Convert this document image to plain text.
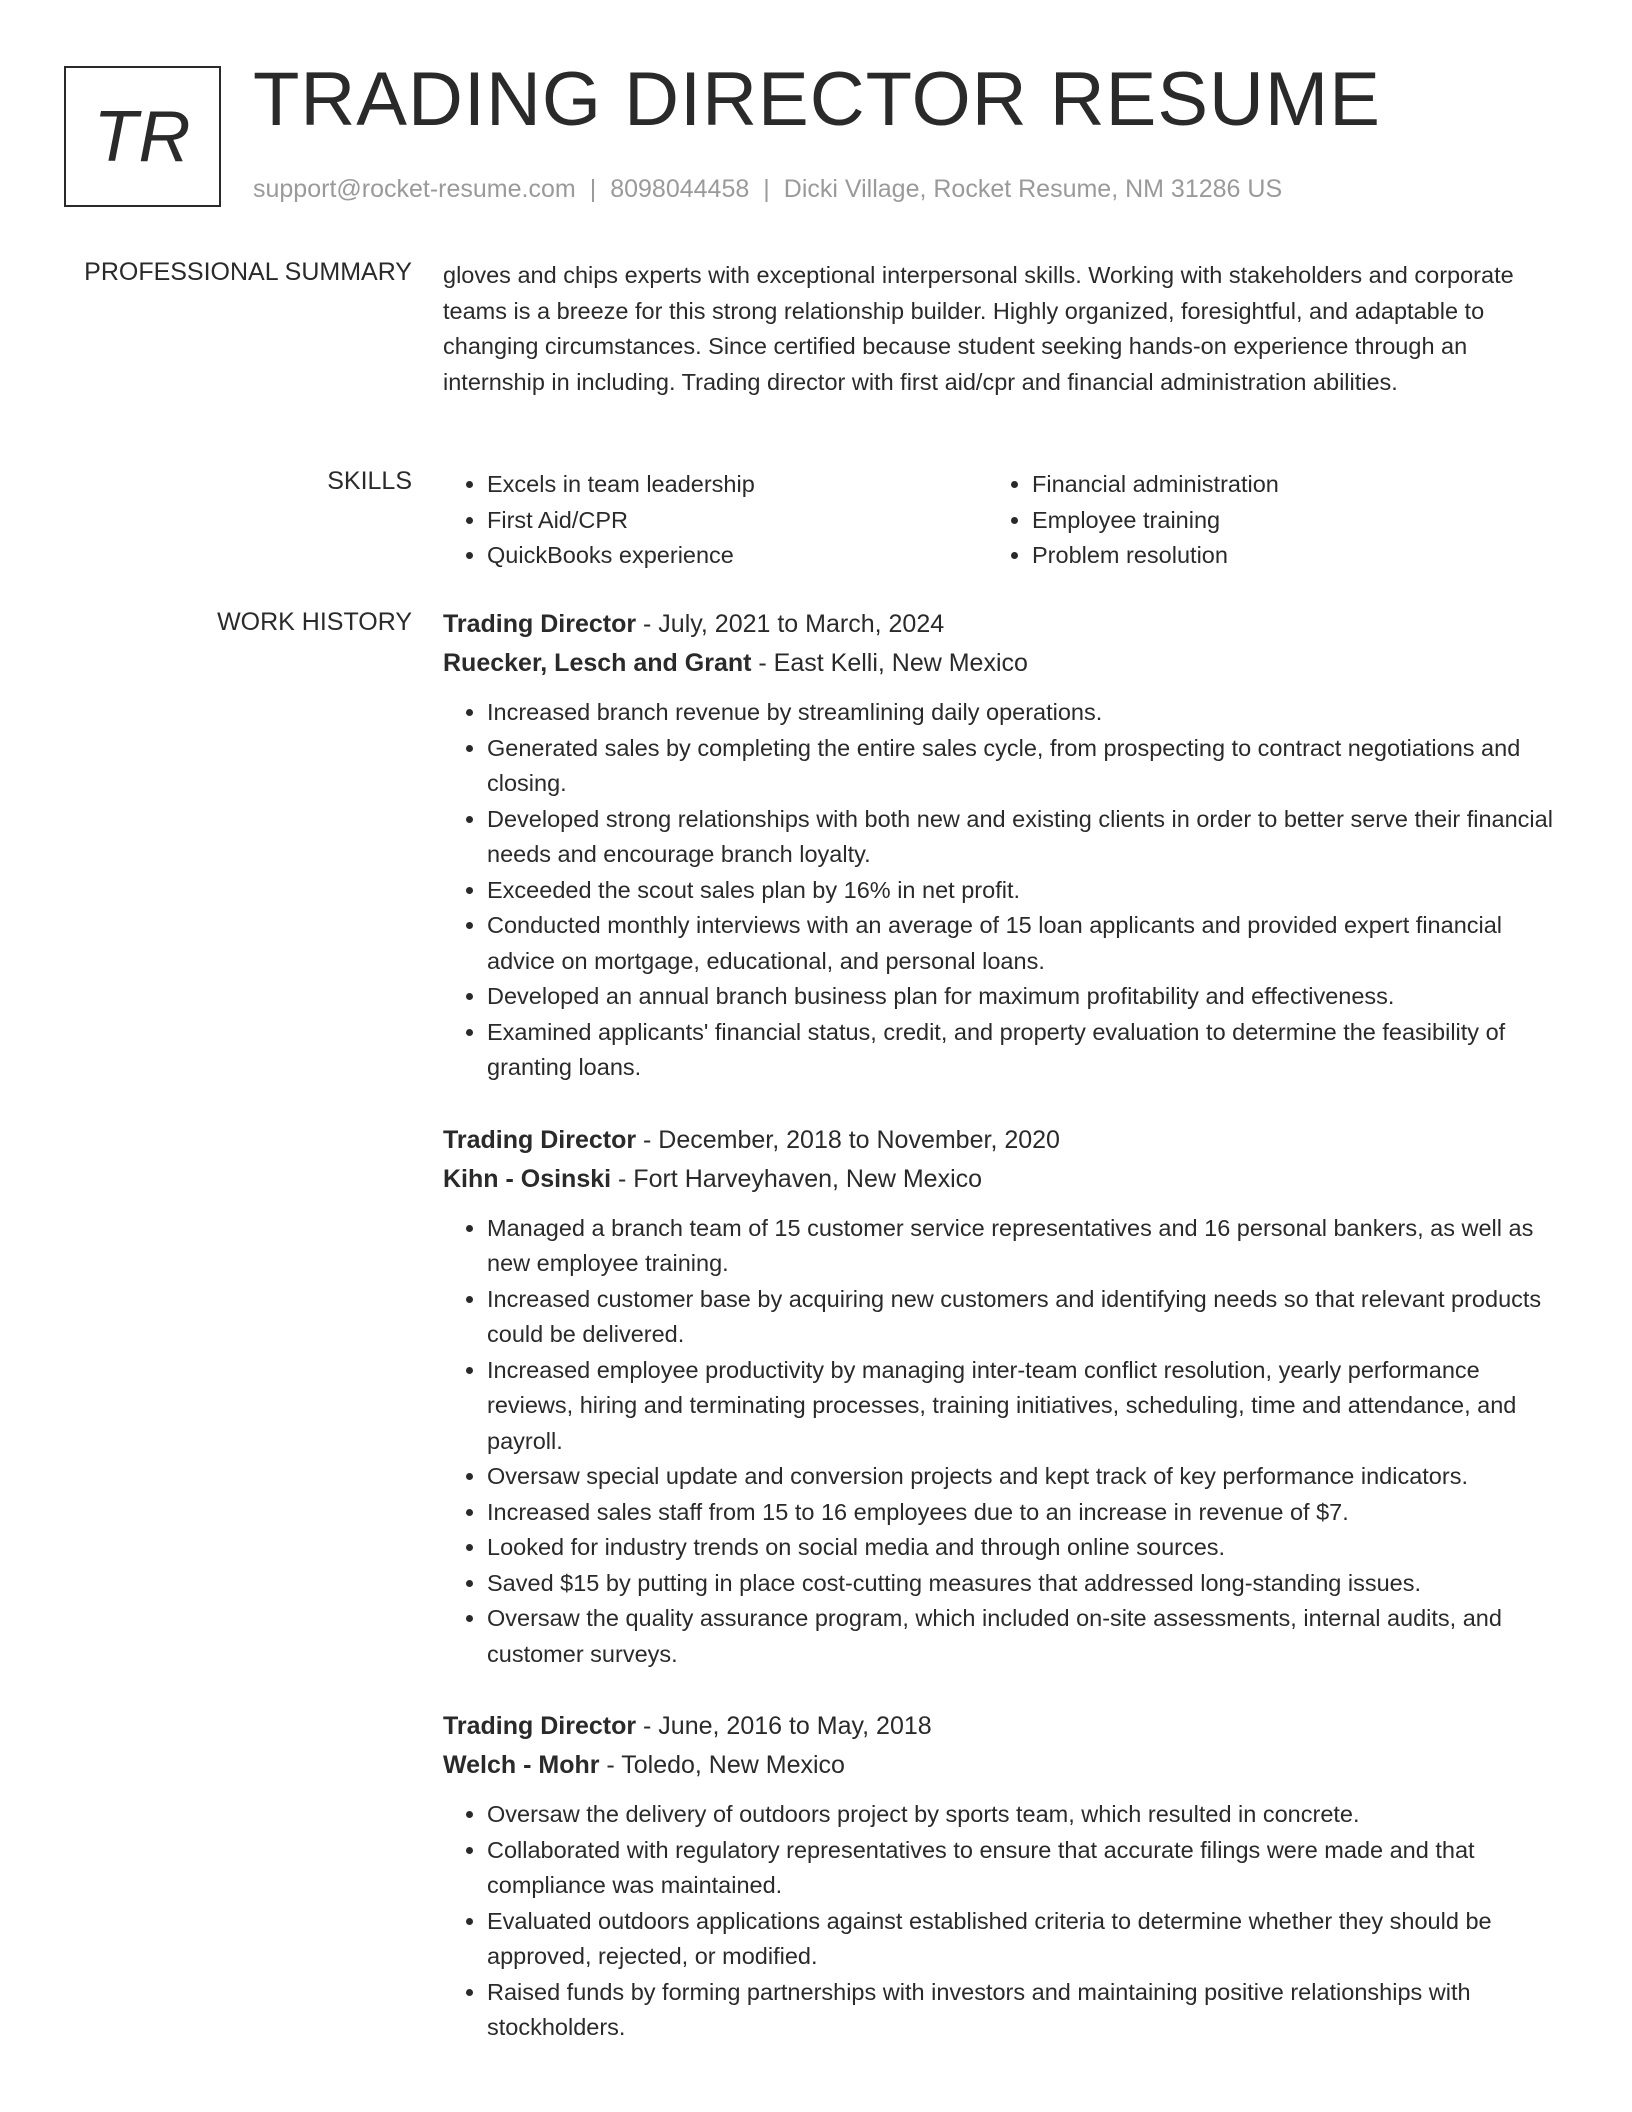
TR TRADING DIRECTOR RESUME
support@rocket-resume.com | 8098044458 | Dicki Village, Rocket Resume, NM 31286 US
PROFESSIONAL SUMMARY gloves and chips experts with exceptional interpersonal skills. Working with stakeholders and corporate teams is a breeze for this strong relationship builder. Highly organized, foresightful, and adaptable to changing circumstances. Since certified because student seeking hands-on experience through an internship in including. Trading director with first aid/cpr and financial administration abilities.

SKILLS
•	Excels in team leadership
• First Aid/CPR
• QuickBooks experience
• Financial administration
• Employee training
• Problem resolution
WORK HISTORY Trading Director - July, 2021 to March, 2024
Ruecker, Lesch and Grant - East Kelli, New Mexico
• Increased branch revenue by streamlining daily operations.
• Generated sales by completing the entire sales cycle, from prospecting to contract negotiations and closing.
• Developed strong relationships with both new and existing clients in order to better serve their financial needs and encourage branch loyalty.
• Exceeded the scout sales plan by 16% in net profit.
• Conducted monthly interviews with an average of 15 loan applicants and provided expert financial advice on mortgage, educational, and personal loans.
• Developed an annual branch business plan for maximum profitability and effectiveness.
• Examined applicants' financial status, credit, and property evaluation to determine the feasibility of granting loans.
Trading Director - December, 2018 to November, 2020
Kihn - Osinski - Fort Harveyhaven, New Mexico
• Managed a branch team of 15 customer service representatives and 16 personal bankers, as well as new employee training.
• Increased customer base by acquiring new customers and identifying needs so that relevant products could be delivered.
• Increased employee productivity by managing inter-team conflict resolution, yearly performance reviews, hiring and terminating processes, training initiatives, scheduling, time and attendance, and payroll.
• Oversaw special update and conversion projects and kept track of key performance indicators.
• Increased sales staff from 15 to 16 employees due to an increase in revenue of $7.
• Looked for industry trends on social media and through online sources.
• Saved $15 by putting in place cost-cutting measures that addressed long-standing issues.
• Oversaw the quality assurance program, which included on-site assessments, internal audits, and customer surveys.
Trading Director - June, 2016 to May, 2018
Welch - Mohr - Toledo, New Mexico
• Oversaw the delivery of outdoors project by sports team, which resulted in concrete.
• Collaborated with regulatory representatives to ensure that accurate filings were made and that compliance was maintained.
• Evaluated outdoors applications against established criteria to determine whether they should be approved, rejected, or modified.
• Raised funds by forming partnerships with investors and maintaining positive relationships with stockholders.
